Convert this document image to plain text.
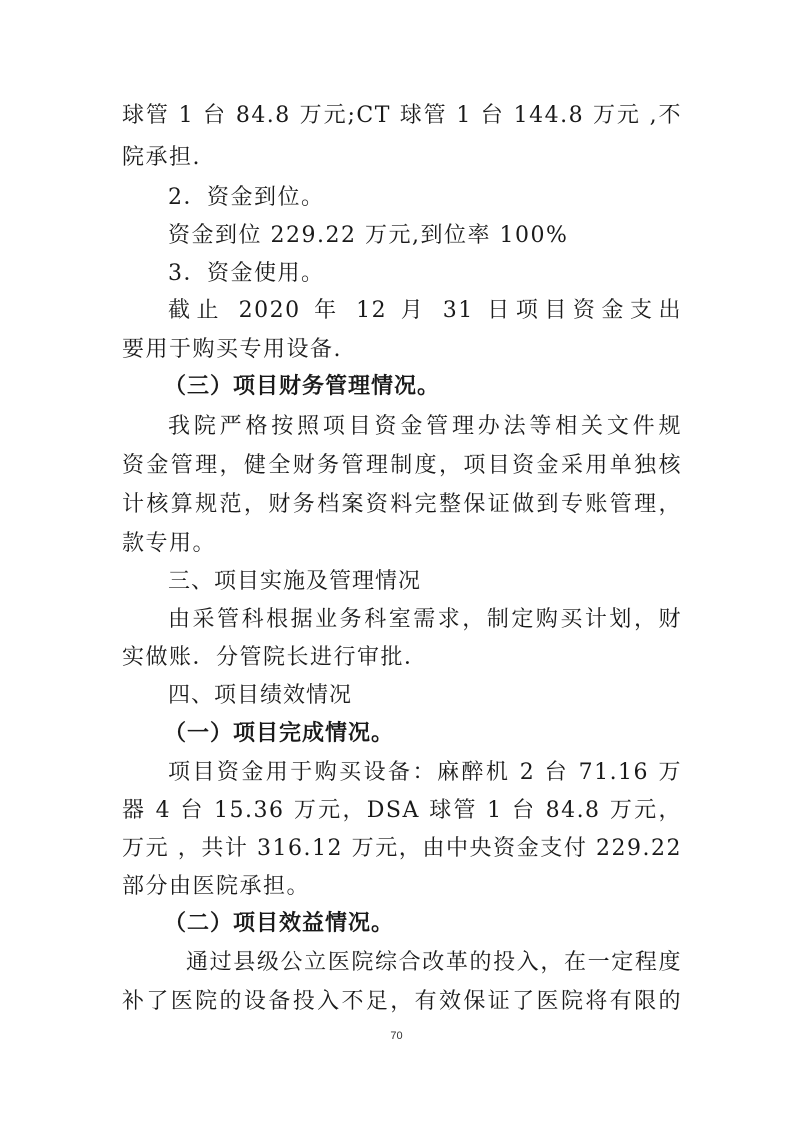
球管 1 台 84.8 万元;CT 球管 1 台 144.8 万元 ,不
院承担.
2．资金到位。
资金到位 229.22 万元,到位率 100%
3．资金使用。
截止 2020 年 12 月 31 日项目资金支出
要用于购买专用设备.
（三）项目财务管理情况。
我院严格按照项目资金管理办法等相关文件规
资金管理，健全财务管理制度，项目资金采用单独核
计核算规范，财务档案资料完整保证做到专账管理，
款专用。
三、项目实施及管理情况
由采管科根据业务科室需求，制定购买计划，财
实做账．分管院长进行审批．
四、项目绩效情况
（一）项目完成情况。
项目资金用于购买设备：麻醉机 2 台 71.16 万
器 4 台 15.36 万元，DSA 球管 1 台 84.8 万元，
万元 ，共计 316.12 万元，由中央资金支付 229.22
部分由医院承担。
（二）项目效益情况。
通过县级公立医院综合改革的投入，在一定程度
补了医院的设备投入不足，有效保证了医院将有限的
70
